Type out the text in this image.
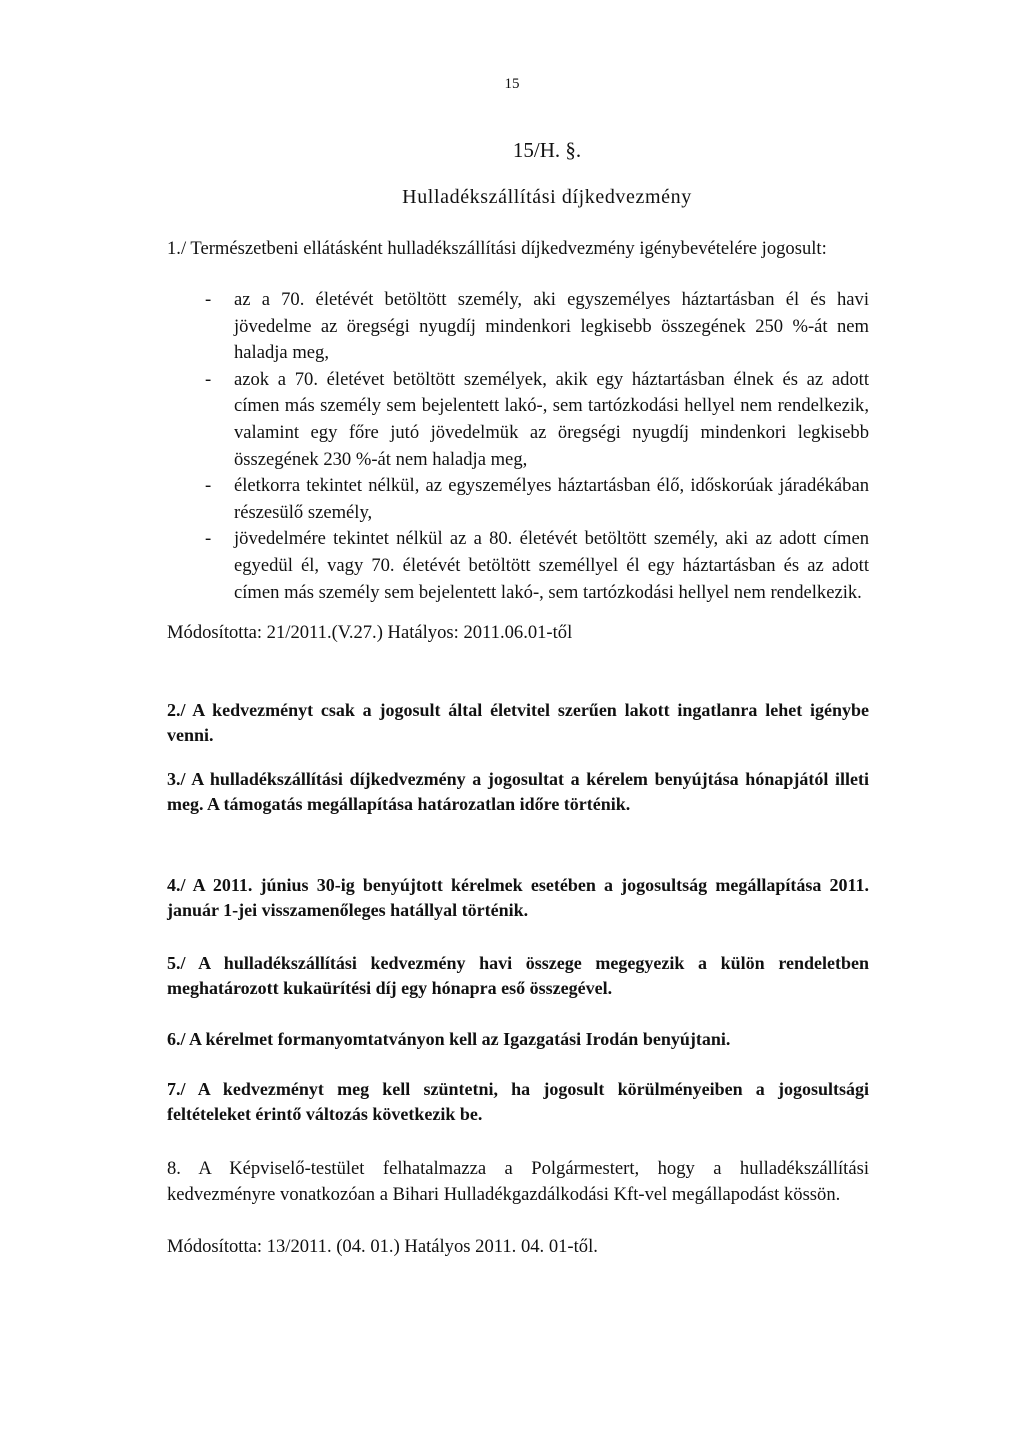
15
15/H. §.
Hulladékszállítási díjkedvezmény
1./ Természetbeni ellátásként hulladékszállítási díjkedvezmény igénybevételére jogosult:
- az a 70. életévét betöltött személy, aki egyszemélyes háztartásban él és havi jövedelme az öregségi nyugdíj mindenkori legkisebb összegének 250 %-át nem haladja meg,
- azok a 70. életévet betöltött személyek, akik egy háztartásban élnek és az adott címen más személy sem bejelentett lakó-, sem tartózkodási hellyel nem rendelkezik, valamint egy főre jutó jövedelmük az öregségi nyugdíj mindenkori legkisebb összegének 230 %-át nem haladja meg,
- életkorra tekintet nélkül, az egyszemélyes háztartásban élő, időskorúak járadékában részesülő személy,
- jövedelmére tekintet nélkül az a 80. életévét betöltött személy, aki az adott címen egyedül él, vagy 70. életévét betöltött személlyel él egy háztartásban és az adott címen más személy sem bejelentett lakó-, sem tartózkodási hellyel nem rendelkezik.
Módosította: 21/2011.(V.27.) Hatályos: 2011.06.01-től
2./ A kedvezményt csak a jogosult által életvitel szerűen lakott ingatlanra lehet igénybe venni.
3./ A hulladékszállítási díjkedvezmény a jogosultat a kérelem benyújtása hónapjától illeti meg. A támogatás megállapítása határozatlan időre történik.
4./ A 2011. június 30-ig benyújtott kérelmek esetében a jogosultság megállapítása 2011. január 1-jei visszamenőleges hatállyal történik.
5./ A hulladékszállítási kedvezmény havi összege megegyezik a külön rendeletben meghatározott kukaürítési díj egy hónapra eső összegével.
6./ A kérelmet formanyomtatványon kell az Igazgatási Irodán benyújtani.
7./ A kedvezményt meg kell szüntetni, ha jogosult körülményeiben a jogosultsági feltételeket érintő változás következik be.
8. A Képviselő-testület felhatalmazza a Polgármestert, hogy a hulladékszállítási kedvezményre vonatkozóan a Bihari Hulladékgazdálkodási Kft-vel megállapodást kössön.
Módosította: 13/2011. (04. 01.) Hatályos 2011. 04. 01-től.
